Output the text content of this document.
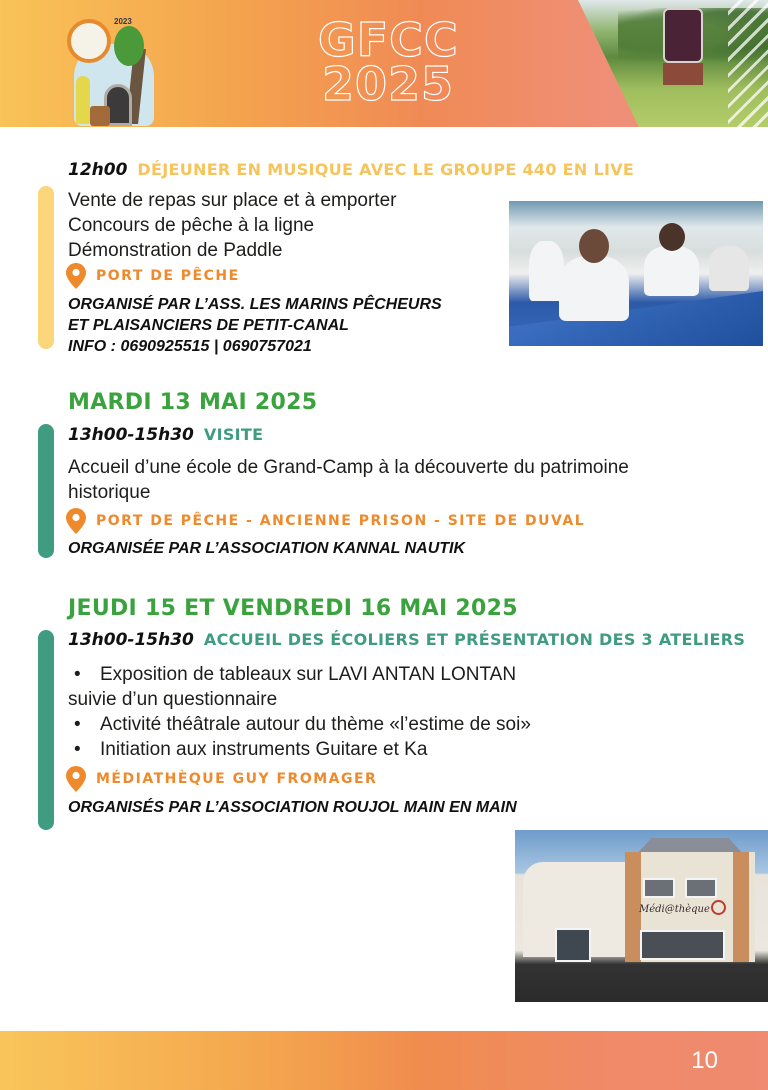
2023	GFCC
2025
12h00 DÉJEUNER EN MUSIQUE AVEC LE GROUPE 440 EN LIVE

Vente de repas sur place et à emporter

Concours de pêche à la ligne

Démonstration de Paddle

PORT DE PÊCHE
ORGANISÉ PAR L’ASS. LES MARINS PÊCHEURS
ET PLAISANCIERS DE PETIT-CANAL
INFO : 0690925515 | 0690757021
MARDI 13 MAI 2025
13h00-15h30 VISITE

Accueil d’une école de Grand-Camp à la découverte du patrimoine

historique

PORT DE PÊCHE - ANCIENNE PRISON - SITE DE DUVAL
ORGANISÉE PAR L’ASSOCIATION KANNAL NAUTIK
JEUDI 15 ET VENDREDI 16 MAI 2025
13h00-15h30 ACCUEIL DES ÉCOLIERS ET PRÉSENTATION DES 3 ATELIERS
• Exposition de tableaux sur LAVI ANTAN LONTAN
suivie d’un questionnaire
• Activité théâtrale autour du thème «l’estime de soi»
• Initiation aux instruments Guitare et Ka
MÉDIATHÈQUE GUY FROMAGER
ORGANISÉS PAR L’ASSOCIATION ROUJOL MAIN EN MAIN
Médi@thèque
10
